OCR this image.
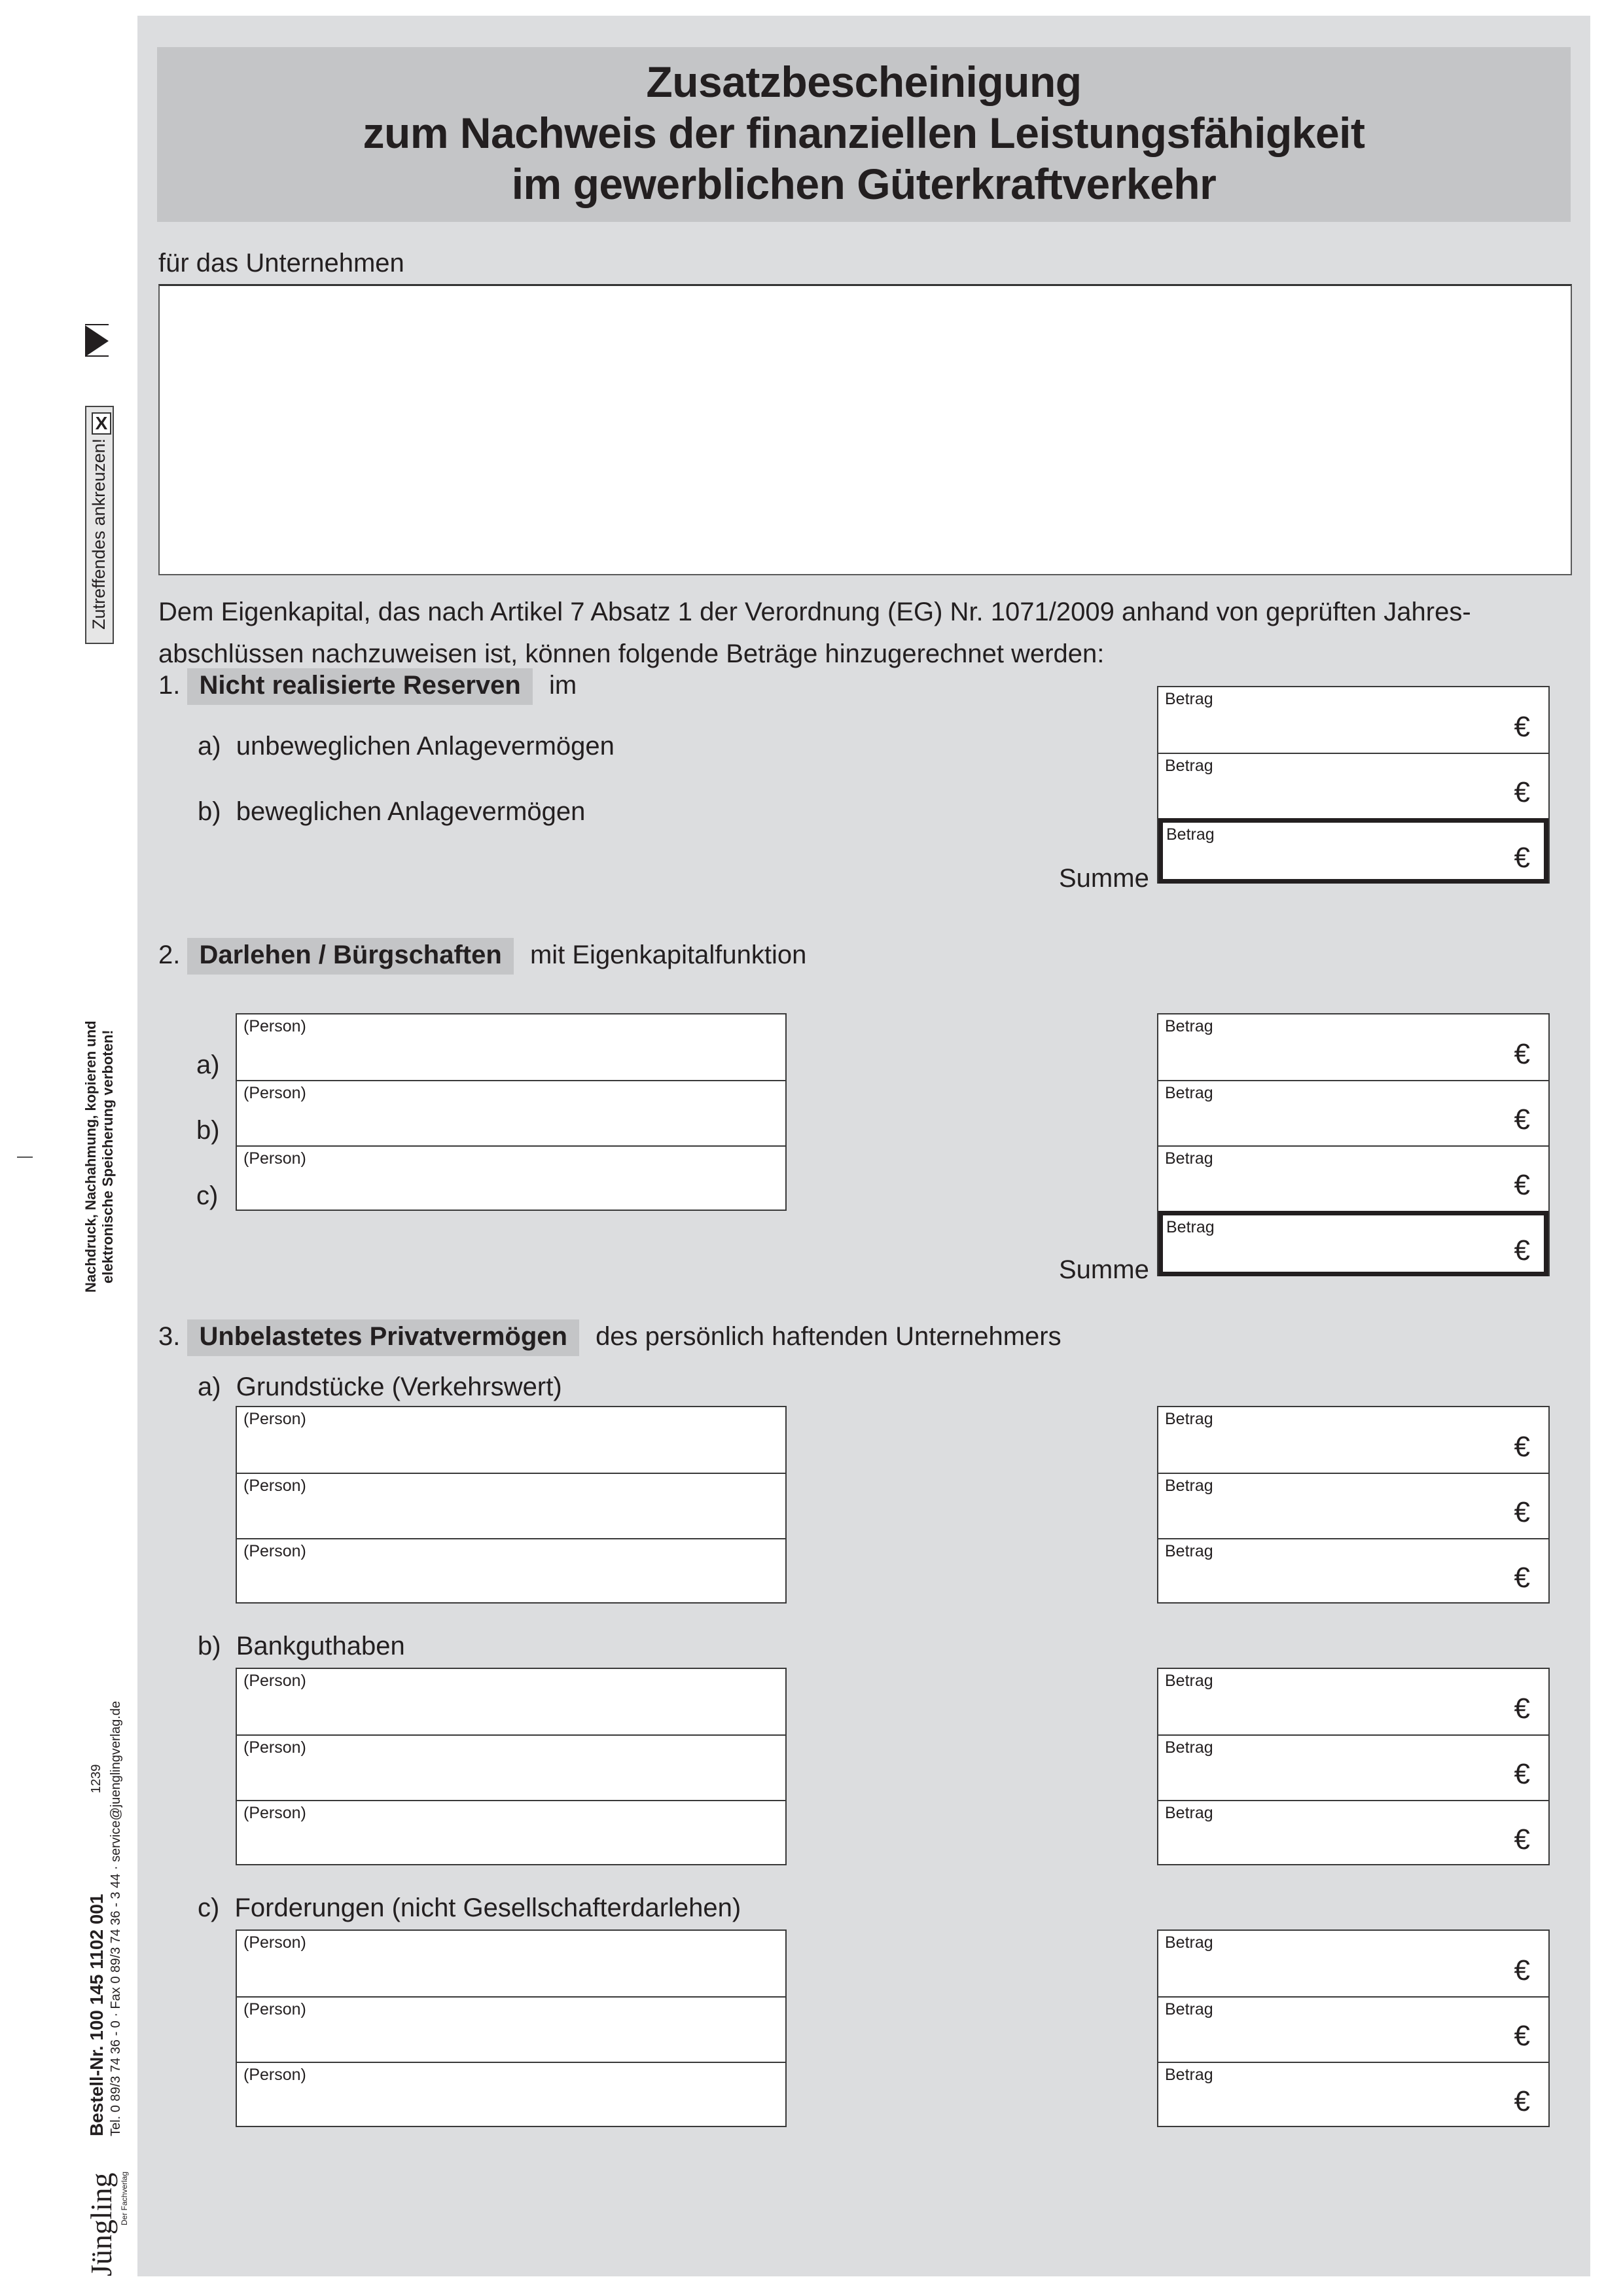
X
Zutreffendes ankreuzen!
Nachdruck, Nachahmung, kopieren und elektronische Speicherung verboten!
Jüngling Der Fachverlag
Bestell-Nr. 100 145 1102 001 Tel. 0 89/3 74 36 - 0 · Fax 0 89/3 74 36 - 3 44 · service@juenglingverlag.de
1239
Zusatzbescheinigung
zum Nachweis der finanziellen Leistungsfähigkeit
im gewerblichen Güterkraftverkehr
für das Unternehmen
Dem Eigenkapital, das nach Artikel 7 Absatz 1 der Verordnung (EG) Nr. 1071/2009 anhand von geprüften Jahres-abschlüssen nachzuweisen ist, können folgende Beträge hinzugerechnet werden:
1. Nicht realisierte Reserven im
a) unbeweglichen Anlagevermögen
b) beweglichen Anlagevermögen
Summe
Betrag
€
Betrag
€
Betrag
€
2. Darlehen / Bürgschaften mit Eigenkapitalfunktion
a)
b)
c)
(Person)
(Person)
(Person)
Summe
Betrag
€
Betrag
€
Betrag
€
Betrag
€
3. Unbelastetes Privatvermögen des persönlich haftenden Unternehmers
a) Grundstücke (Verkehrswert)
(Person)
(Person)
(Person)
Betrag
€
Betrag
€
Betrag
€
b) Bankguthaben
(Person)
(Person)
(Person)
Betrag
€
Betrag
€
Betrag
€
c) Forderungen (nicht Gesellschafterdarlehen)
(Person)
(Person)
(Person)
Betrag
€
Betrag
€
Betrag
€
